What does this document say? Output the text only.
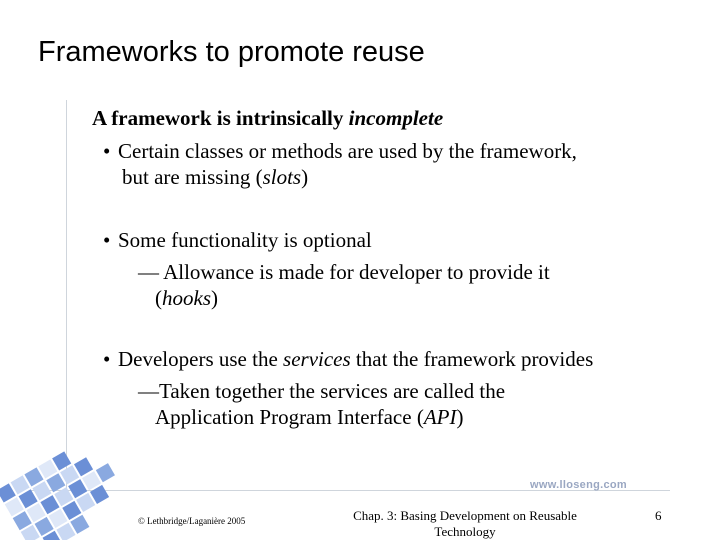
Frameworks to promote reuse
A framework is intrinsically incomplete
• Certain classes or methods are used by the framework,
but are missing (slots)
• Some functionality is optional
— Allowance is made for developer to provide it
(hooks)
• Developers use the services that the framework provides
—Taken together the services are called the
Application Program Interface (API)
www.lloseng.com
© Lethbridge/Laganière 2005	Chap. 3: Basing Development on Reusable Technology
6
